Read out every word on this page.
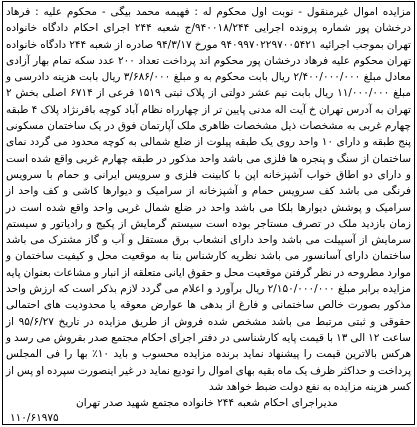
مزایده اموال غیرمنقول - نوبت اول محکوم له : فهیمه محمد بیگی - محکوم علیه : فرهاد درخشان پور شماره پرونده اجرایی ۹۴۰۰۱۸/۲۴۴/ج شعبه ۲۴۴ اجرای احکام دادگاه خانواده تهران بموجب اجرائیه ۹۴۰۹۹۷۰۲۲۹۷۰۰۵۴۲۱ مورخ ۹۴/۳/۱۷ صادره از شعبه ۲۴۴ دادگاه خانواده تهران محکوم علیه فرهاد درخشان پور محکوم اند پرداخت تعداد ۲۰۰ عدد سکه تمام بهار آزادی معادل مبلغ ۲/۴۰۰/۰۰۰/۰۰۰ ریال بابت محکوم به و مبلغ ۳/۶۸۶/۰۰۰ ریال بابت هزینه دادرسی و مبلغ ۱۱/۰۰۰/۰۰۰ ریال بابت نیم عشر دولتی از پلاک ثبتی ۱۵۱۹ فرعی از ۶۷۱۴ اصلی بخش ۲ تهران به آدرس تهران خ آیت اله مدنی پایین تر از چهارراه نظام آباد کوچه باقرنژاد پلاک ۴ طبقه چهارم غربی به مشخصات ذیل مشخصات ظاهری ملک آپارتمان فوق در یک ساختمان مسکونی پنج طبقه و دارای ۱۰ واحد روی یک طبقه پیلوت از ضلع شمالی به کوچه محدود می گردد نمای ساختمان از سنگ و پنجره ها فلزی می باشد واحد مذکور در طبقه چهارم غربی واقع شده است و دارای دو اطاق خواب آشپزخانه اپن با کابینت فلزی و سرویس ایرانی و حمام با سرویس فرنگی می باشد کف سرویس حمام و آشپزخانه از سرامیک و دیوارها کاشی و کف واحد از سرامیک و پوشش دیوارها بلکا می باشد واحد در ضلع شمال غربی واحد واقع شده است در زمان بازدید ملک در تصرف مستاجر بوده است سیستم گرمایش از پکیج و رادیاتور و سیستم سرمایش از آسپیلت می باشد واحد دارای انشعاب برق مستقل و آب و گاز مشترک می باشد ساختمان دارای آسانسور می باشد نظریه کارشناس بنا به موقعیت محل و کیفیت ساختمان و موارد مطروحه در نظر گرفتن موقعیت محل و حقوق ایانی متعلقه از انبار و مشاعات بعنوان پایه مزایده برابر مبلغ ۲/۱۵۰/۰۰۰/۰۰۰ ریال برآورد و اعلام می گردد لازم بذکر است که ارزش واحد مذکور بصورت خالص ساختمانی و فارغ از بدهی ها عوارض معوقه یا محدودیت های احتمالی حقوقی و ثبتی مرتبط می باشد مشخص شده فروش از طریق مزایده در تاریخ ۹۵/۶/۲۷ از ساعت ۱۲ الی ۱۳ با قیمت پایه کارشناسی در دفتر اجرای احکام مجتمع صدر بفروش می رسد و هرکس بالاترین قیمت را پیشنهاد نماید برنده مزایده محسوب و باید ۱۰٪ بها را فی المجلس پرداخت و حداکثر ظرف یک ماه بقیه بهای اموال را تودیع نماید در غیر اینصورت سپرده او پس از کسر هزینه مزایده به نفع دولت ضبط خواهد شد

مدیراجرای احکام شعبه ۲۴۴ خانواده مجتمع شهید صدر تهران
۱۱۰/۶۱۹۷۵
